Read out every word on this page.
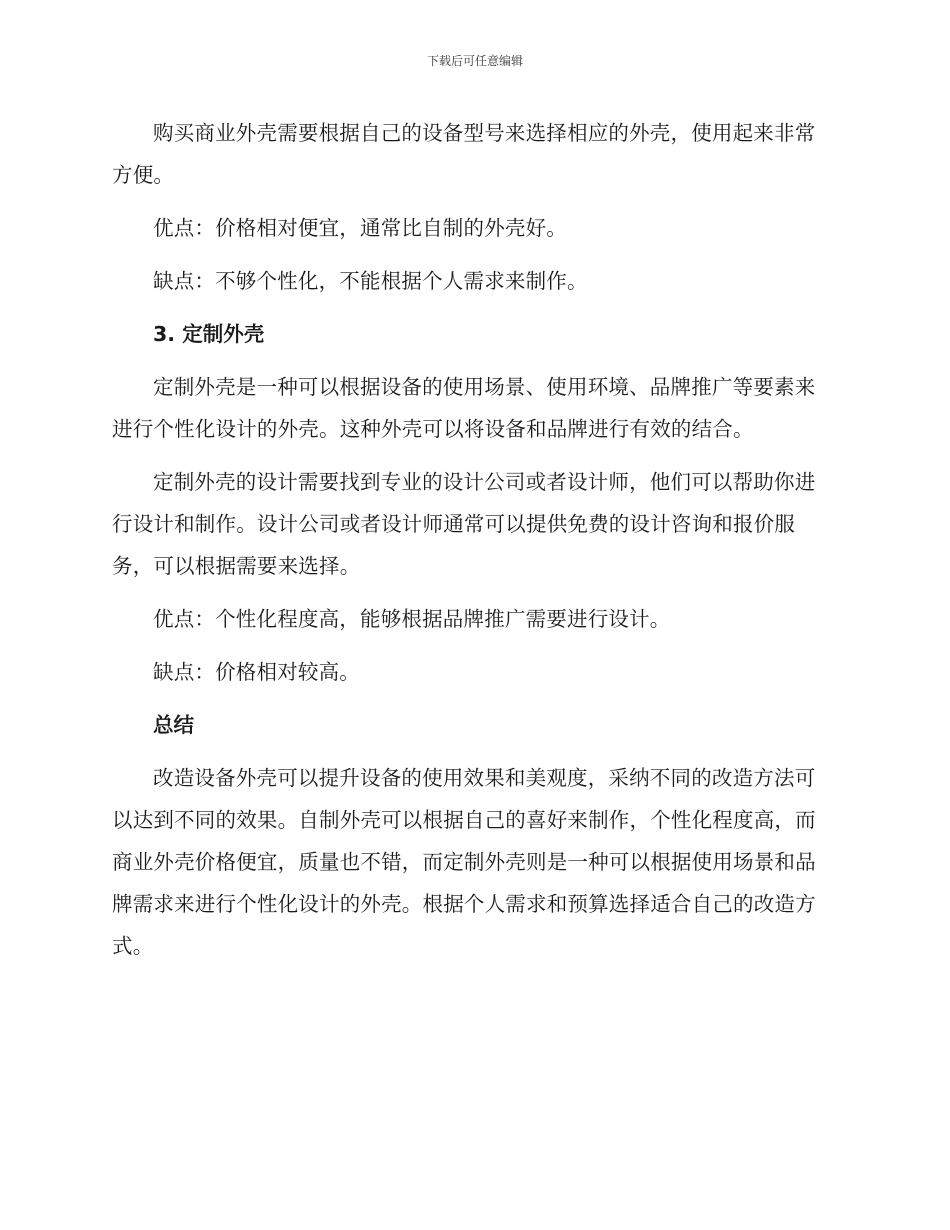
下载后可任意编辑

购买商业外壳需要根据自己的设备型号来选择相应的外壳，使用起来非常方便。

优点：价格相对便宜，通常比自制的外壳好。

缺点：不够个性化，不能根据个人需求来制作。

3. 定制外壳

定制外壳是一种可以根据设备的使用场景、使用环境、品牌推广等要素来进行个性化设计的外壳。这种外壳可以将设备和品牌进行有效的结合。

定制外壳的设计需要找到专业的设计公司或者设计师，他们可以帮助你进行设计和制作。设计公司或者设计师通常可以提供免费的设计咨询和报价服务，可以根据需要来选择。

优点：个性化程度高，能够根据品牌推广需要进行设计。

缺点：价格相对较高。

总结

改造设备外壳可以提升设备的使用效果和美观度，采纳不同的改造方法可以达到不同的效果。自制外壳可以根据自己的喜好来制作，个性化程度高，而商业外壳价格便宜，质量也不错，而定制外壳则是一种可以根据使用场景和品牌需求来进行个性化设计的外壳。根据个人需求和预算选择适合自己的改造方式。
